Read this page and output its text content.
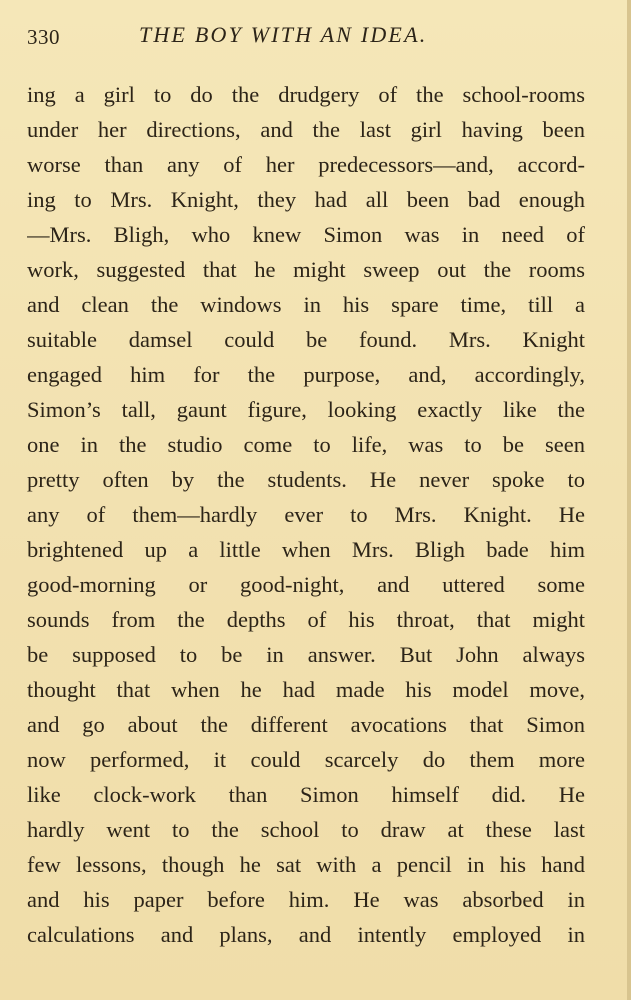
330	THE BOY WITH AN IDEA.
ing a girl to do the drudgery of the school-rooms
under her directions, and the last girl having been
worse than any of her predecessors—and, accord-
ing to Mrs. Knight, they had all been bad enough
—Mrs. Bligh, who knew Simon was in need of
work, suggested that he might sweep out the rooms
and clean the windows in his spare time, till a
suitable damsel could be found. Mrs. Knight
engaged him for the purpose, and, accordingly,
Simon’s tall, gaunt figure, looking exactly like the
one in the studio come to life, was to be seen
pretty often by the students. He never spoke to
any of them—hardly ever to Mrs. Knight. He
brightened up a little when Mrs. Bligh bade him
good-morning or good-night, and uttered some
sounds from the depths of his throat, that might
be supposed to be in answer. But John always
thought that when he had made his model move,
and go about the different avocations that Simon
now performed, it could scarcely do them more
like clock-work than Simon himself did. He
hardly went to the school to draw at these last
few lessons, though he sat with a pencil in his hand
and his paper before him. He was absorbed in
calculations and plans, and intently employed in
